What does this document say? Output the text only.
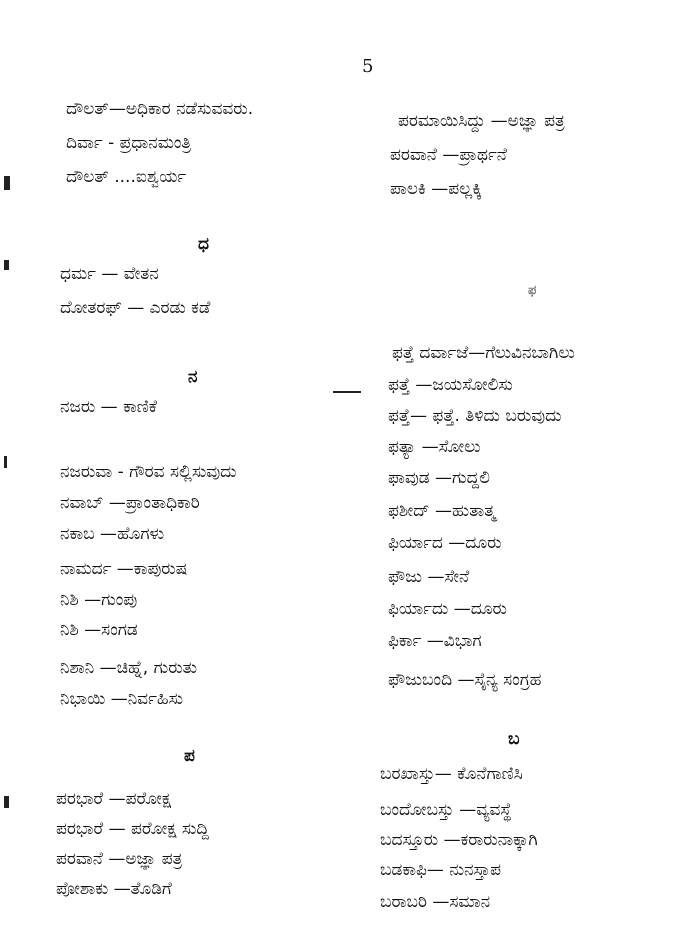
5
ದೌಲತ್—ಅಧಿಕಾರ ನಡೆಸುವವರು.
ದಿರ್ವಾ - ಪ್ರಧಾನಮಂತ್ರಿ
ದೌಲತ್ ....ಐಶ್ವರ್ಯ
ಧ
ಧರ್ಮ — ವೇತನ
ದೋತರಫ್ — ಎರಡು ಕಡೆ
ನ
ನಜರು — ಕಾಣಿಕೆ
ನಜರುವಾ - ಗೌರವ ಸಲ್ಲಿಸುವುದು
ನವಾಬ್ —ಪ್ರಾಂತಾಧಿಕಾರಿ
ನಕಾಬ —ಹೊಗಳು
ನಾಮರ್ದ —ಕಾಪುರುಷ
ನಿಶಿ —ಗುಂಪು
ನಿಶಿ —ಸಂಗಡ
ನಿಶಾನಿ —ಚಿಹ್ನೆ, ಗುರುತು
ನಿಭಾಯಿ —ನಿರ್ವಹಿಸು
ಪ
ಪರಭಾರೆ —ಪರೋಕ್ಷ
ಪರಭಾರೆ — ಪರೋಕ್ಷ ಸುದ್ದಿ
ಪರವಾನೆ —ಅಜ್ಞಾ ಪತ್ರ
ಪೋಶಾಕು —ತೊಡಿಗೆ
ಪರಮಾಯಿಸಿದ್ದು —ಅಜ್ಞಾ ಪತ್ರ
ಪರವಾನೆ —ಪ್ರಾರ್ಥನೆ
ಪಾಲಕಿ —ಪಲ್ಲಕ್ಕಿ
ಫ
ಫತ್ತೆ ದರ್ವಾಜೆ—ಗೆಲುವಿನಬಾಗಿಲು
ಫತ್ತೆ —ಜಯಸೋಲಿಸು
ಫತ್ತೆ— ಫತ್ತೆ. ತಿಳಿದು ಬರುವುದು
ಫತ್ಯಾ —ಸೋಲು
ಫಾವುಡ —ಗುದ್ದಲಿ
ಫಶೀದ್ —ಹುತಾತ್ಮ
ಫಿರ್ಯಾದ —ದೂರು
ಫೌಜು —ಸೇನೆ
ಫಿರ್ಯಾದು —ದೂರು
ಫಿರ್ಕಾ —ವಿಭಾಗ
ಫೌಜುಬಂದಿ —ಸೈನ್ಯ ಸಂಗ್ರಹ
ಬ
ಬರಖಾಸ್ತು— ಕೊನೆಗಾಣಿಸಿ
ಬಂದೋಬಸ್ತು —ವ್ಯವಸ್ಥೆ
ಬದಸ್ತೂರು —ಕರಾರುನಾಕ್ಕಾಗಿ
ಬಡಕಾಫಿ— ನುನಸ್ತಾಪ
ಬರಾಬರಿ —ಸಮಾನ
